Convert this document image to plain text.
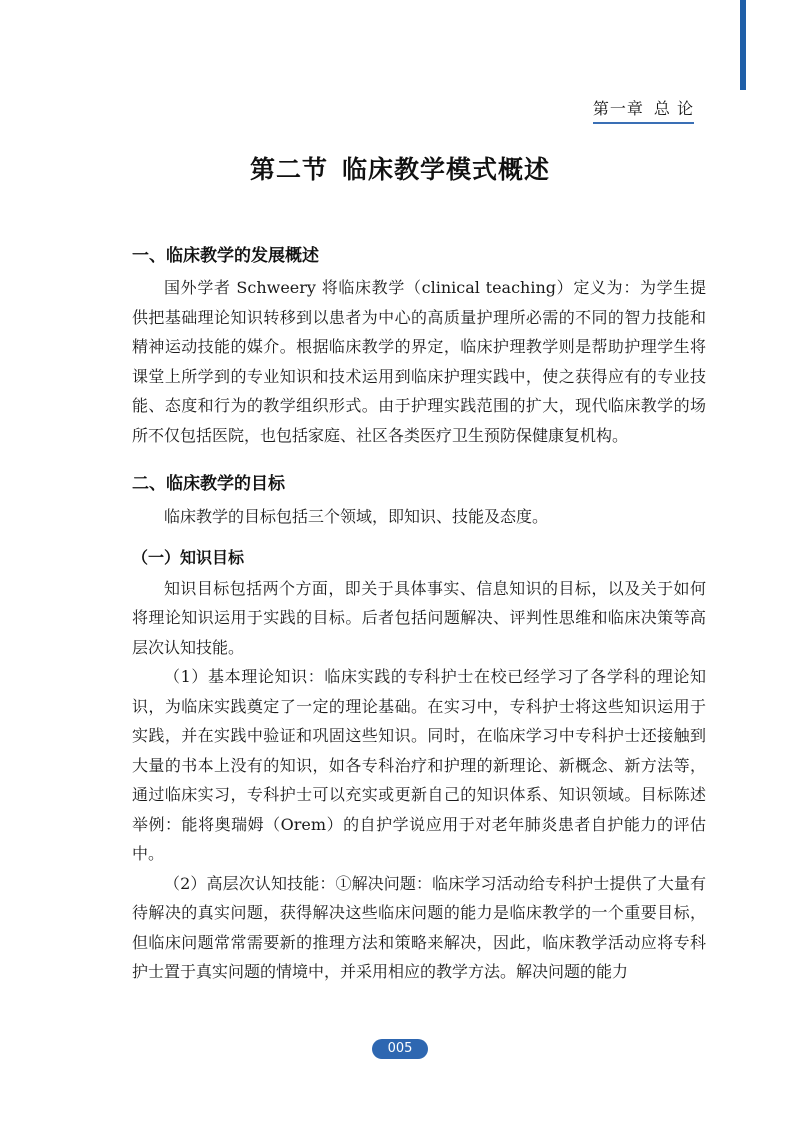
第一章 总 论
第二节 临床教学模式概述
一、临床教学的发展概述

国外学者 Schweery 将临床教学（clinical teaching）定义为：为学生提供把基础理论知识转移到以患者为中心的高质量护理所必需的不同的智力技能和精神运动技能的媒介。根据临床教学的界定，临床护理教学则是帮助护理学生将课堂上所学到的专业知识和技术运用到临床护理实践中，使之获得应有的专业技能、态度和行为的教学组织形式。由于护理实践范围的扩大，现代临床教学的场所不仅包括医院，也包括家庭、社区各类医疗卫生预防保健康复机构。

二、临床教学的目标

临床教学的目标包括三个领域，即知识、技能及态度。

（一）知识目标

知识目标包括两个方面，即关于具体事实、信息知识的目标，以及关于如何将理论知识运用于实践的目标。后者包括问题解决、评判性思维和临床决策等高层次认知技能。

（1）基本理论知识：临床实践的专科护士在校已经学习了各学科的理论知识，为临床实践奠定了一定的理论基础。在实习中，专科护士将这些知识运用于实践，并在实践中验证和巩固这些知识。同时，在临床学习中专科护士还接触到大量的书本上没有的知识，如各专科治疗和护理的新理论、新概念、新方法等，通过临床实习，专科护士可以充实或更新自己的知识体系、知识领域。目标陈述举例：能将奥瑞姆（Orem）的自护学说应用于对老年肺炎患者自护能力的评估中。

（2）高层次认知技能：①解决问题：临床学习活动给专科护士提供了大量有待解决的真实问题，获得解决这些临床问题的能力是临床教学的一个重要目标，但临床问题常常需要新的推理方法和策略来解决，因此，临床教学活动应将专科护士置于真实问题的情境中，并采用相应的教学方法。解决问题的能力

005
